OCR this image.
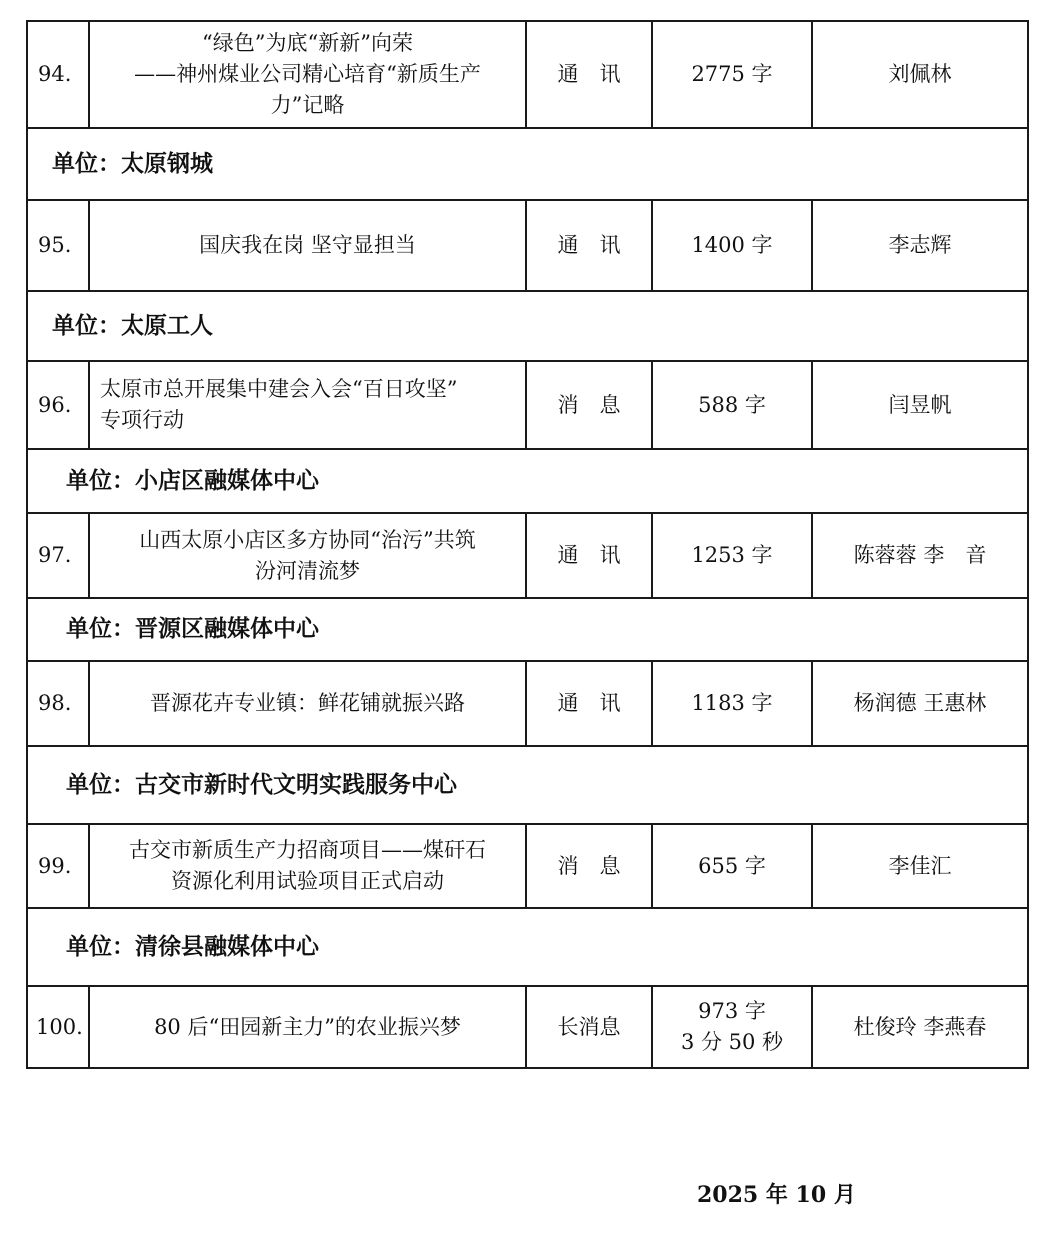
94.	“绿色”为底“新新”向荣
——神州煤业公司精心培育“新质生产
力”记略	通　讯	2775 字	刘佩林
单位：太原钢城				
95.	国庆我在岗 坚守显担当	通　讯	1400 字	李志辉
单位：太原工人				
96.	太原市总开展集中建会入会“百日攻坚”
专项行动	消　息	588 字	闫昱帆
单位：小店区融媒体中心				
97.	山西太原小店区多方协同“治污”共筑
汾河清流梦	通　讯	1253 字	陈蓉蓉 李　音
单位：晋源区融媒体中心				
98.	晋源花卉专业镇：鲜花铺就振兴路	通　讯	1183 字	杨润德 王惠林
单位：古交市新时代文明实践服务中心				
99.	古交市新质生产力招商项目——煤矸石
资源化利用试验项目正式启动	消　息	655 字	李佳汇
单位：清徐县融媒体中心				
100.	80 后“田园新主力”的农业振兴梦	长消息	973 字
3 分 50 秒	杜俊玲 李燕春
2025 年 10 月
